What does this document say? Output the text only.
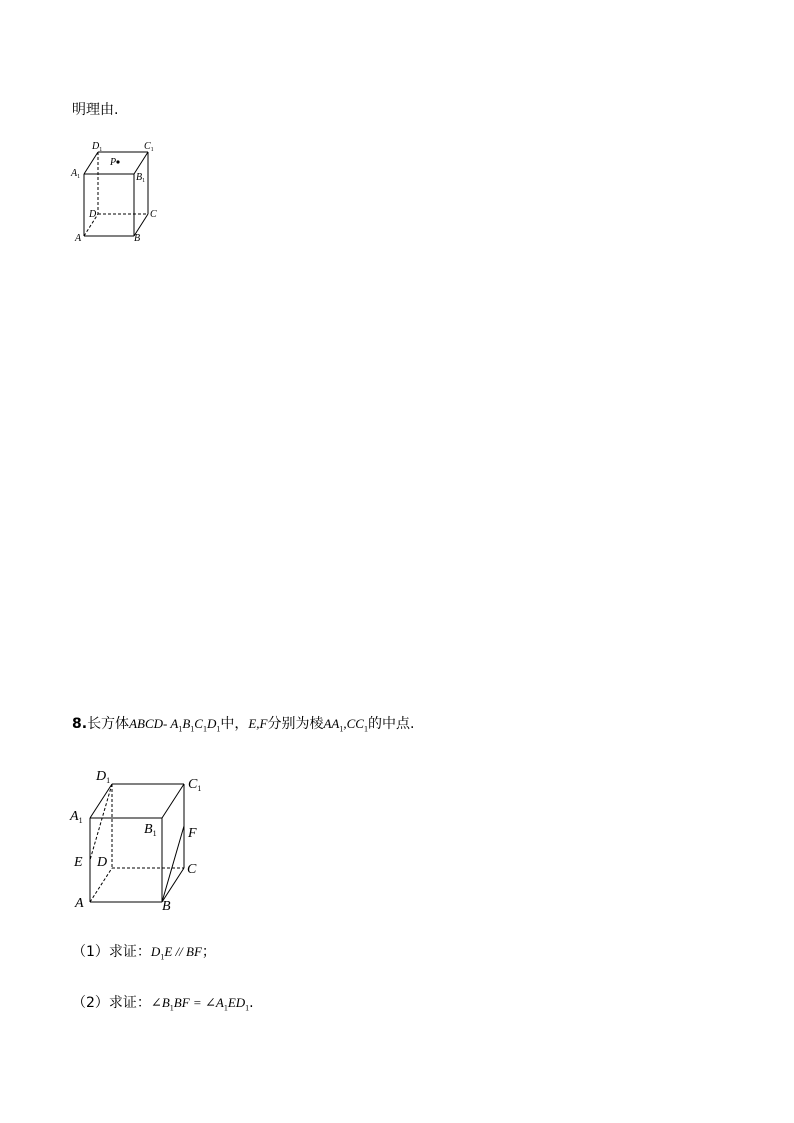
明理由.
$D_1$	$C_1$
$A_1$	$B_1$
P
D	C
A	B
8.长方体ABCD- $A_1B_1C_1D_1$中，E,F分别为棱$AA_1,CC_1$的中点.
$D_1$	$C_1$
$A_1$
$B_1$ F
E D	C
A	B
（1）求证：$D_1E$ // BF；
（2）求证：$\angle B_1BF$ = $\angle A_1ED_1$.
